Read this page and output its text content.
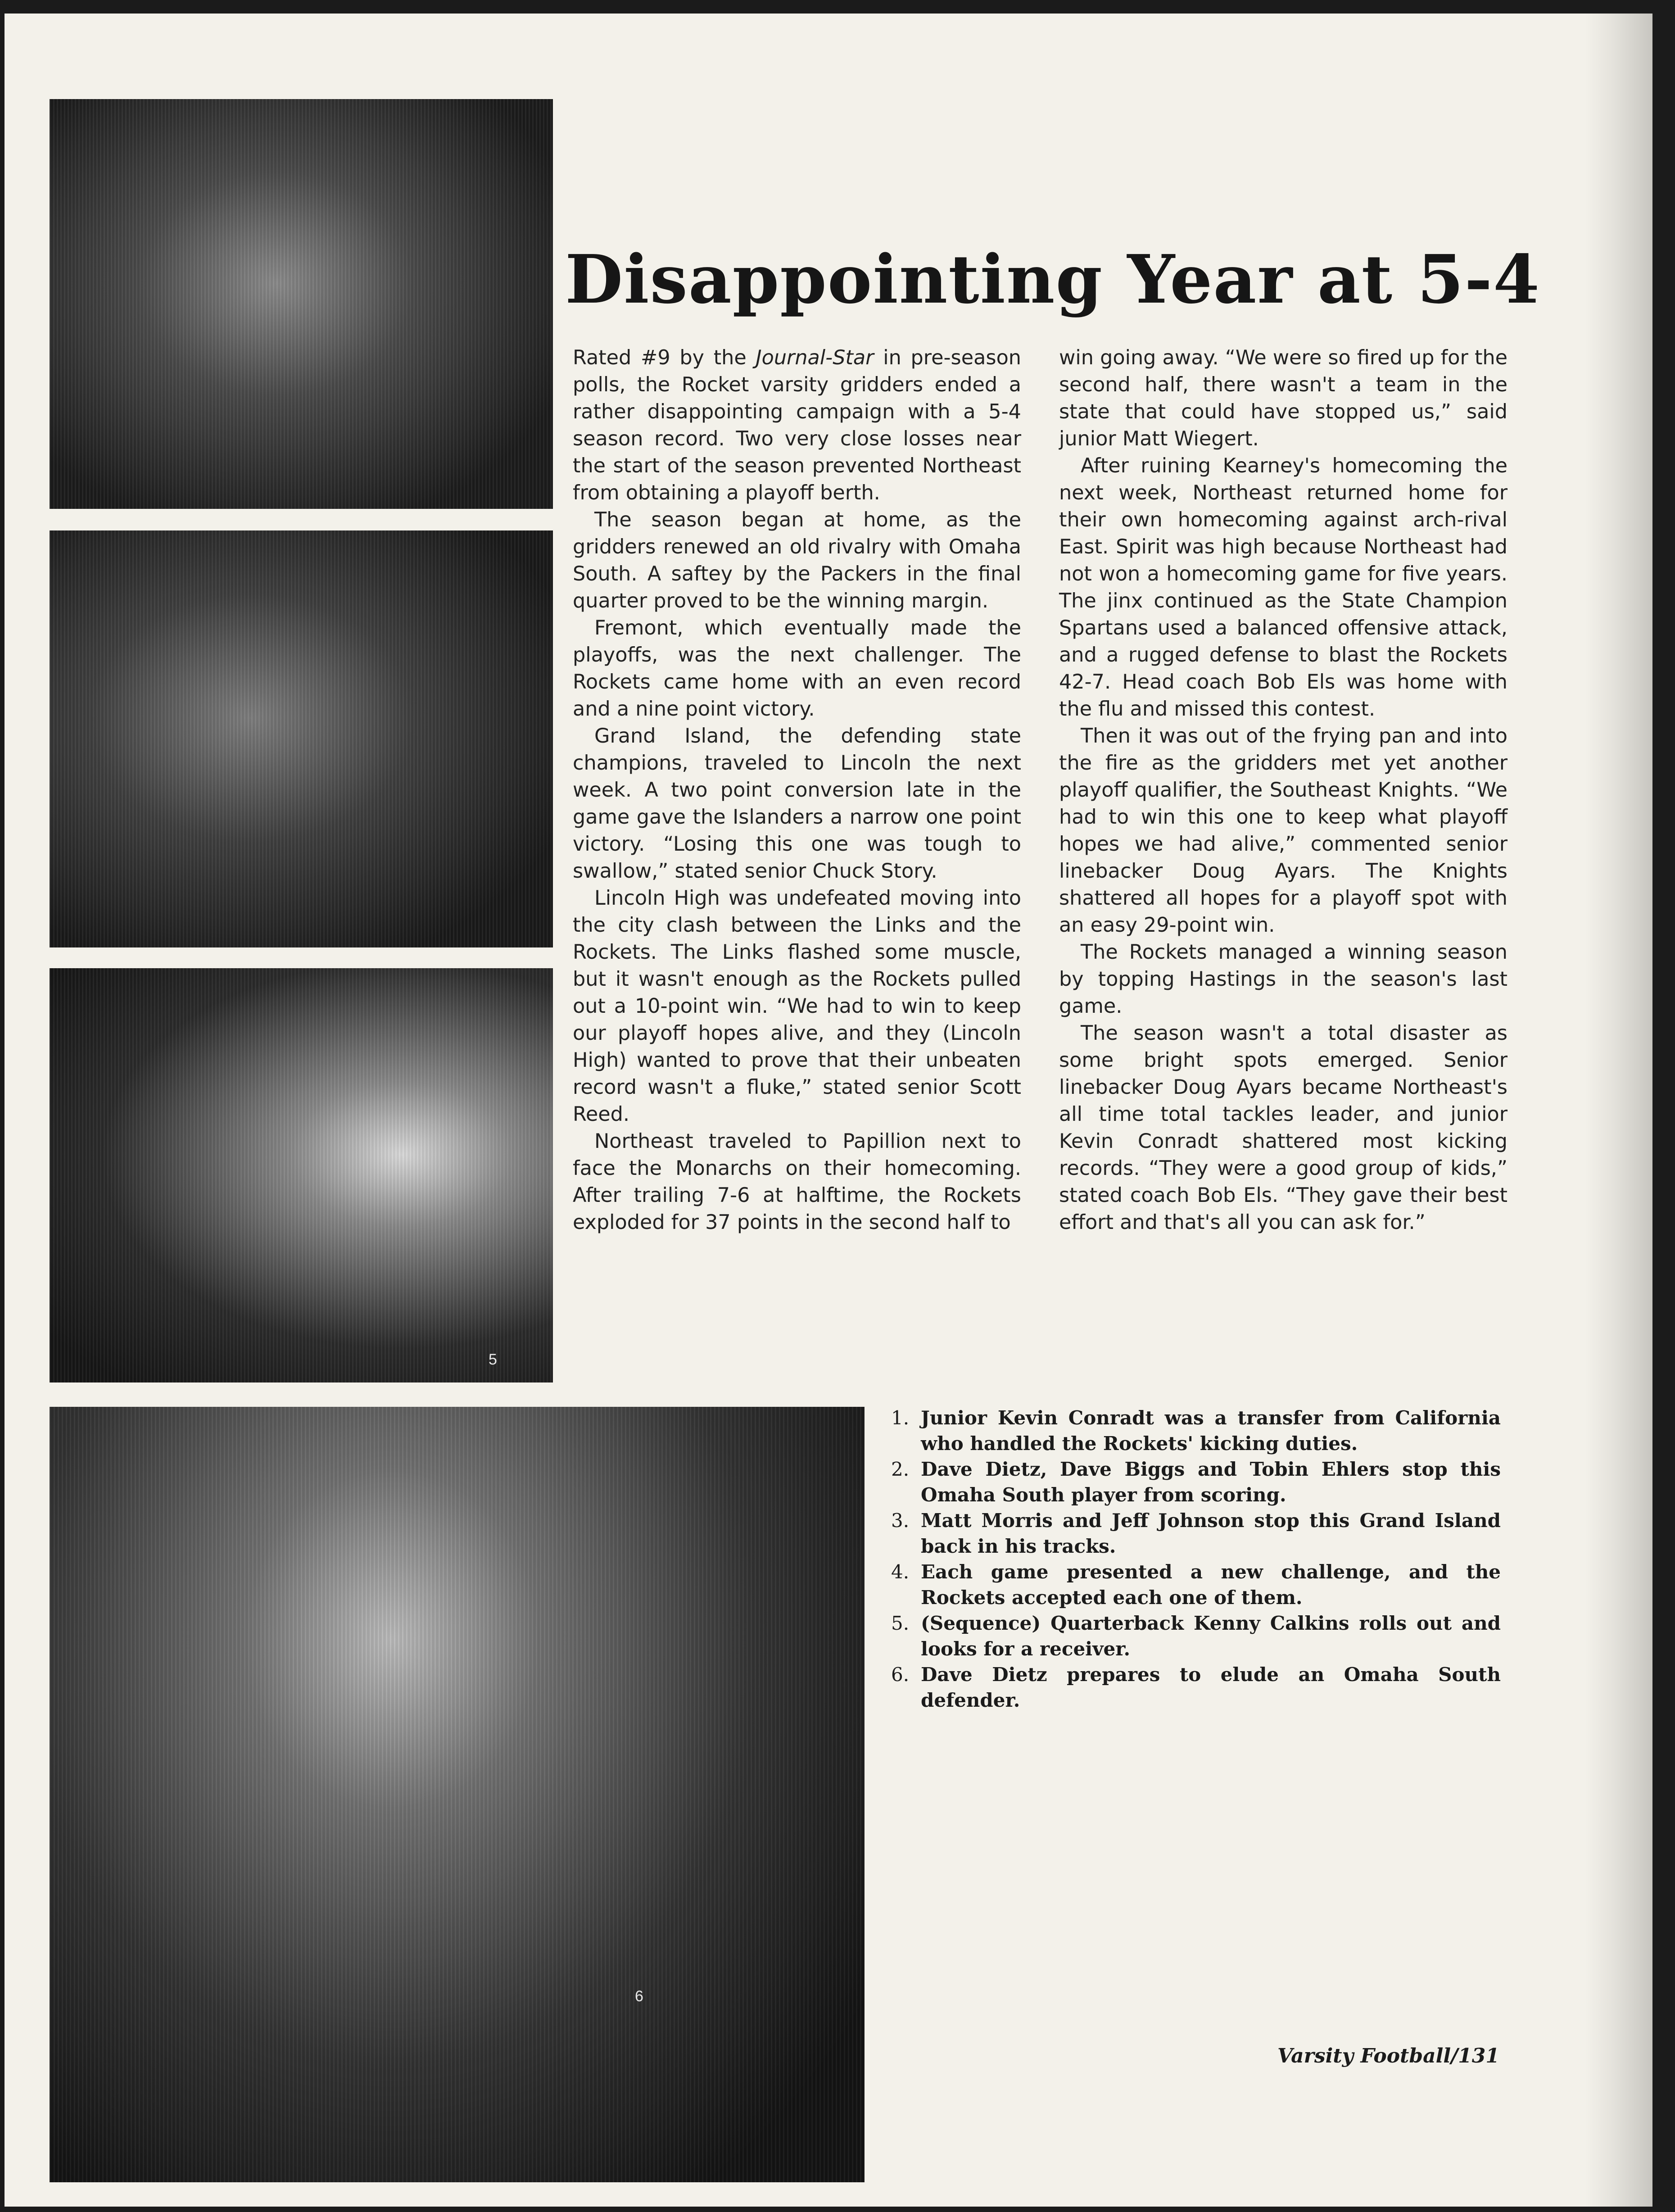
5
6
Disappointing Year at 5-4

Rated #9 by the Journal-Star in pre-season polls, the Rocket varsity gridders ended a rather disappointing campaign with a 5-4 season record. Two very close losses near the start of the season prevented Northeast from obtaining a playoff berth.

The season began at home, as the gridders renewed an old rivalry with Omaha South. A saftey by the Packers in the final quarter proved to be the winning margin.

Fremont, which eventually made the playoffs, was the next challenger. The Rockets came home with an even record and a nine point victory.

Grand Island, the defending state champions, traveled to Lincoln the next week. A two point conversion late in the game gave the Islanders a narrow one point victory. “Losing this one was tough to swallow,” stated senior Chuck Story.

Lincoln High was undefeated moving into the city clash between the Links and the Rockets. The Links flashed some muscle, but it wasn't enough as the Rockets pulled out a 10-point win. “We had to win to keep our playoff hopes alive, and they (Lincoln High) wanted to prove that their unbeaten record wasn't a fluke,” stated senior Scott Reed.

Northeast traveled to Papillion next to face the Monarchs on their homecoming. After trailing 7-6 at halftime, the Rockets exploded for 37 points in the second half to

win going away. “We were so fired up for the second half, there wasn't a team in the state that could have stopped us,” said junior Matt Wiegert.

After ruining Kearney's homecoming the next week, Northeast returned home for their own homecoming against arch-rival East. Spirit was high because Northeast had not won a homecoming game for five years. The jinx continued as the State Champion Spartans used a balanced offensive attack, and a rugged defense to blast the Rockets 42-7. Head coach Bob Els was home with the flu and missed this contest.

Then it was out of the frying pan and into the fire as the gridders met yet another playoff qualifier, the Southeast Knights. “We had to win this one to keep what playoff hopes we had alive,” commented senior linebacker Doug Ayars. The Knights shattered all hopes for a playoff spot with an easy 29-point win.

The Rockets managed a winning season by topping Hastings in the season's last game.

The season wasn't a total disaster as some bright spots emerged. Senior linebacker Doug Ayars became Northeast's all time total tackles leader, and junior Kevin Conradt shattered most kicking records. “They were a good group of kids,” stated coach Bob Els. “They gave their best effort and that's all you can ask for.”

1. Junior Kevin Conradt was a transfer from California who handled the Rockets' kicking duties.
2. Dave Dietz, Dave Biggs and Tobin Ehlers stop this Omaha South player from scoring.
3. Matt Morris and Jeff Johnson stop this Grand Island back in his tracks.
4. Each game presented a new challenge, and the Rockets accepted each one of them.
5. (Sequence) Quarterback Kenny Calkins rolls out and looks for a receiver.
6. Dave Dietz prepares to elude an Omaha South defender.
Varsity Football/131
